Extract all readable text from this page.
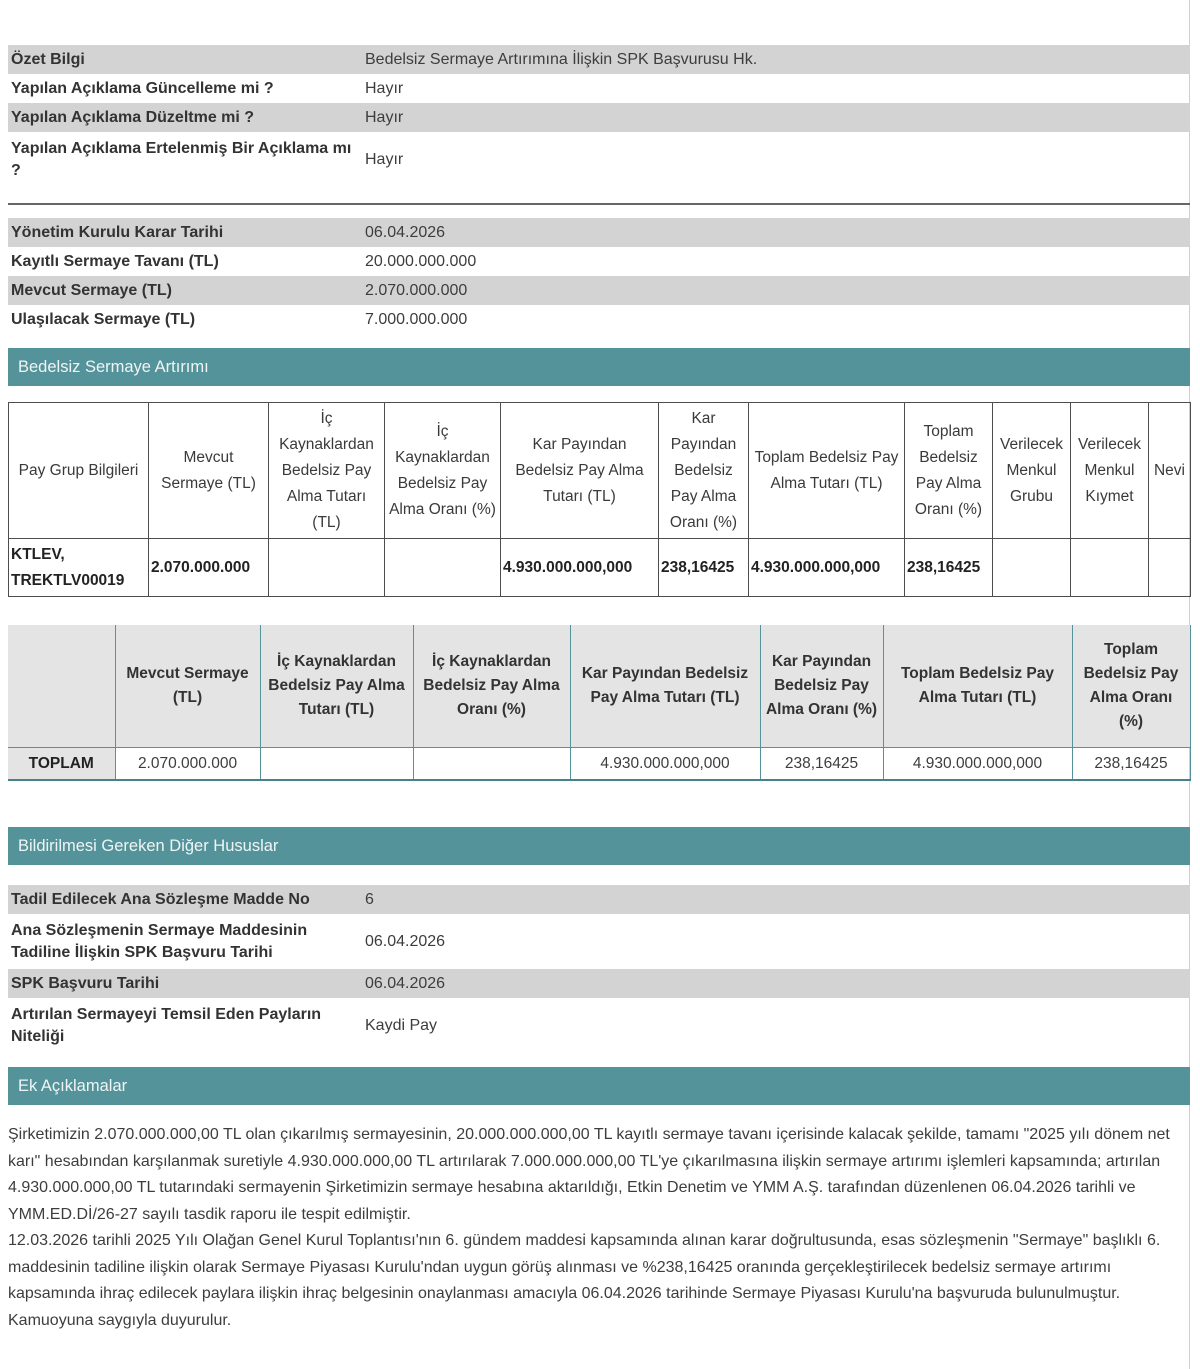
Özet Bilgi	Bedelsiz Sermaye Artırımına İlişkin SPK Başvurusu Hk.
Yapılan Açıklama Güncelleme mi ?	Hayır
Yapılan Açıklama Düzeltme mi ?	Hayır
Yapılan Açıklama Ertelenmiş Bir Açıklama mı ?
Hayır
Yönetim Kurulu Karar Tarihi	06.04.2026
Kayıtlı Sermaye Tavanı (TL)	20.000.000.000
Mevcut Sermaye (TL)	2.070.000.000
Ulaşılacak Sermaye (TL)	7.000.000.000
Bedelsiz Sermaye Artırımı
Pay Grup Bilgileri	Mevcut Sermaye (TL)	İç Kaynaklardan Bedelsiz Pay Alma Tutarı (TL)	İç Kaynaklardan Bedelsiz Pay Alma Oranı (%)	Kar Payından Bedelsiz Pay Alma Tutarı (TL)	Kar Payından Bedelsiz Pay Alma Oranı (%)	Toplam Bedelsiz Pay Alma Tutarı (TL)	Toplam Bedelsiz Pay Alma Oranı (%)	Verilecek Menkul Grubu	Verilecek Menkul Kıymet	Nevi
KTLEV, TREKTLV00019	2.070.000.000			4.930.000.000,000	238,16425	4.930.000.000,000	238,16425			
	Mevcut Sermaye (TL)	İç Kaynaklardan Bedelsiz Pay Alma Tutarı (TL)	İç Kaynaklardan Bedelsiz Pay Alma Oranı (%)	Kar Payından Bedelsiz Pay Alma Tutarı (TL)	Kar Payından Bedelsiz Pay Alma Oranı (%)	Toplam Bedelsiz Pay Alma Tutarı (TL)	Toplam Bedelsiz Pay Alma Oranı (%)
TOPLAM	2.070.000.000			4.930.000.000,000	238,16425	4.930.000.000,000	238,16425
Bildirilmesi Gereken Diğer Hususlar
Tadil Edilecek Ana Sözleşme Madde No	6
Ana Sözleşmenin Sermaye Maddesinin Tadiline İlişkin SPK Başvuru Tarihi
06.04.2026
SPK Başvuru Tarihi	06.04.2026
Artırılan Sermayeyi Temsil Eden Payların Niteliği
Kaydi Pay
Ek Açıklamalar
Şirketimizin 2.070.000.000,00 TL olan çıkarılmış sermayesinin, 20.000.000.000,00 TL kayıtlı sermaye tavanı içerisinde kalacak şekilde, tamamı "2025 yılı dönem net karı" hesabından karşılanmak suretiyle 4.930.000.000,00 TL artırılarak 7.000.000.000,00 TL'ye çıkarılmasına ilişkin sermaye artırımı işlemleri kapsamında; artırılan 4.930.000.000,00 TL tutarındaki sermayenin Şirketimizin sermaye hesabına aktarıldığı, Etkin Denetim ve YMM A.Ş. tarafından düzenlenen 06.04.2026 tarihli ve YMM.ED.Dİ/26-27 sayılı tasdik raporu ile tespit edilmiştir.
12.03.2026 tarihli 2025 Yılı Olağan Genel Kurul Toplantısı'nın 6. gündem maddesi kapsamında alınan karar doğrultusunda, esas sözleşmenin "Sermaye" başlıklı 6. maddesinin tadiline ilişkin olarak Sermaye Piyasası Kurulu'ndan uygun görüş alınması ve %238,16425 oranında gerçekleştirilecek bedelsiz sermaye artırımı kapsamında ihraç edilecek paylara ilişkin ihraç belgesinin onaylanması amacıyla 06.04.2026 tarihinde Sermaye Piyasası Kurulu'na başvuruda bulunulmuştur.
Kamuoyuna saygıyla duyurulur.
